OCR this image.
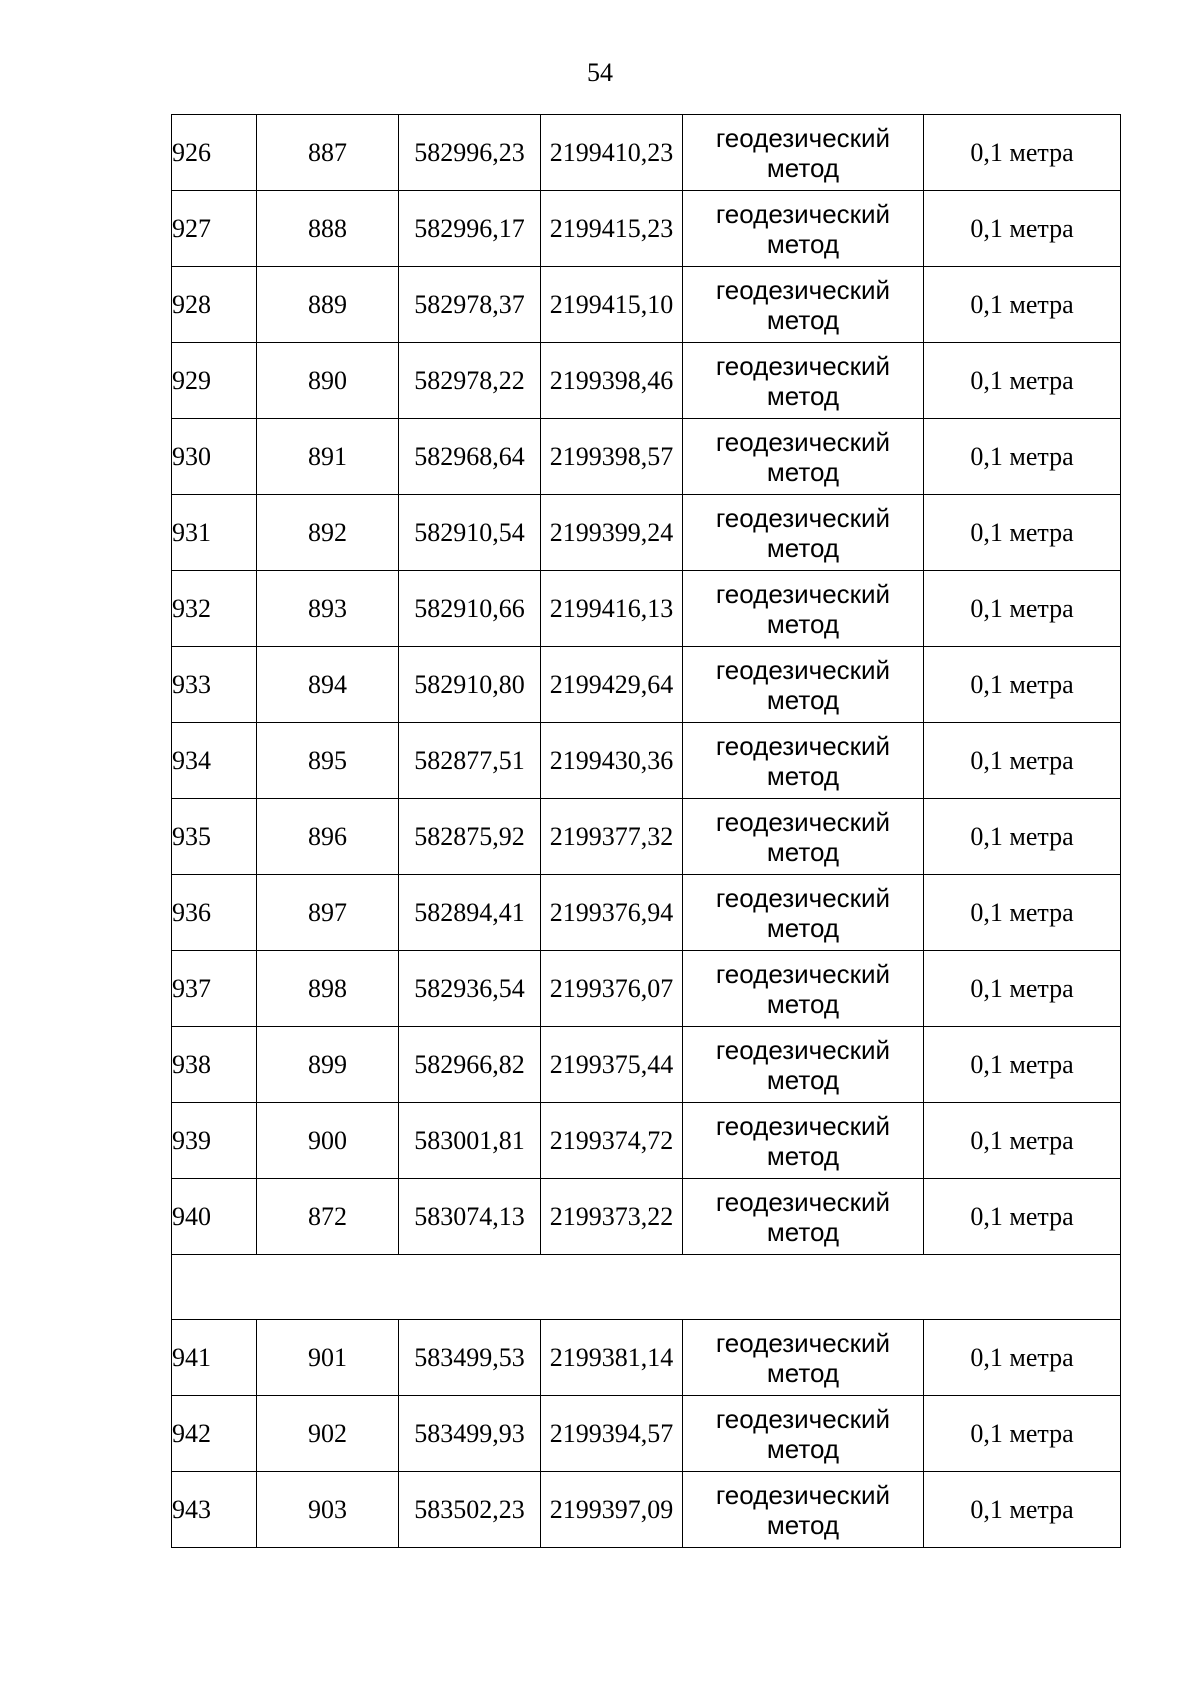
54
926	887	582996,23	2199410,23	геодезический
метод	0,1 метра
927	888	582996,17	2199415,23	геодезический
метод	0,1 метра
928	889	582978,37	2199415,10	геодезический
метод	0,1 метра
929	890	582978,22	2199398,46	геодезический
метод	0,1 метра
930	891	582968,64	2199398,57	геодезический
метод	0,1 метра
931	892	582910,54	2199399,24	геодезический
метод	0,1 метра
932	893	582910,66	2199416,13	геодезический
метод	0,1 метра
933	894	582910,80	2199429,64	геодезический
метод	0,1 метра
934	895	582877,51	2199430,36	геодезический
метод	0,1 метра
935	896	582875,92	2199377,32	геодезический
метод	0,1 метра
936	897	582894,41	2199376,94	геодезический
метод	0,1 метра
937	898	582936,54	2199376,07	геодезический
метод	0,1 метра
938	899	582966,82	2199375,44	геодезический
метод	0,1 метра
939	900	583001,81	2199374,72	геодезический
метод	0,1 метра
940	872	583074,13	2199373,22	геодезический
метод	0,1 метра

941	901	583499,53	2199381,14	геодезический
метод	0,1 метра
942	902	583499,93	2199394,57	геодезический
метод	0,1 метра
943	903	583502,23	2199397,09	геодезический
метод	0,1 метра
